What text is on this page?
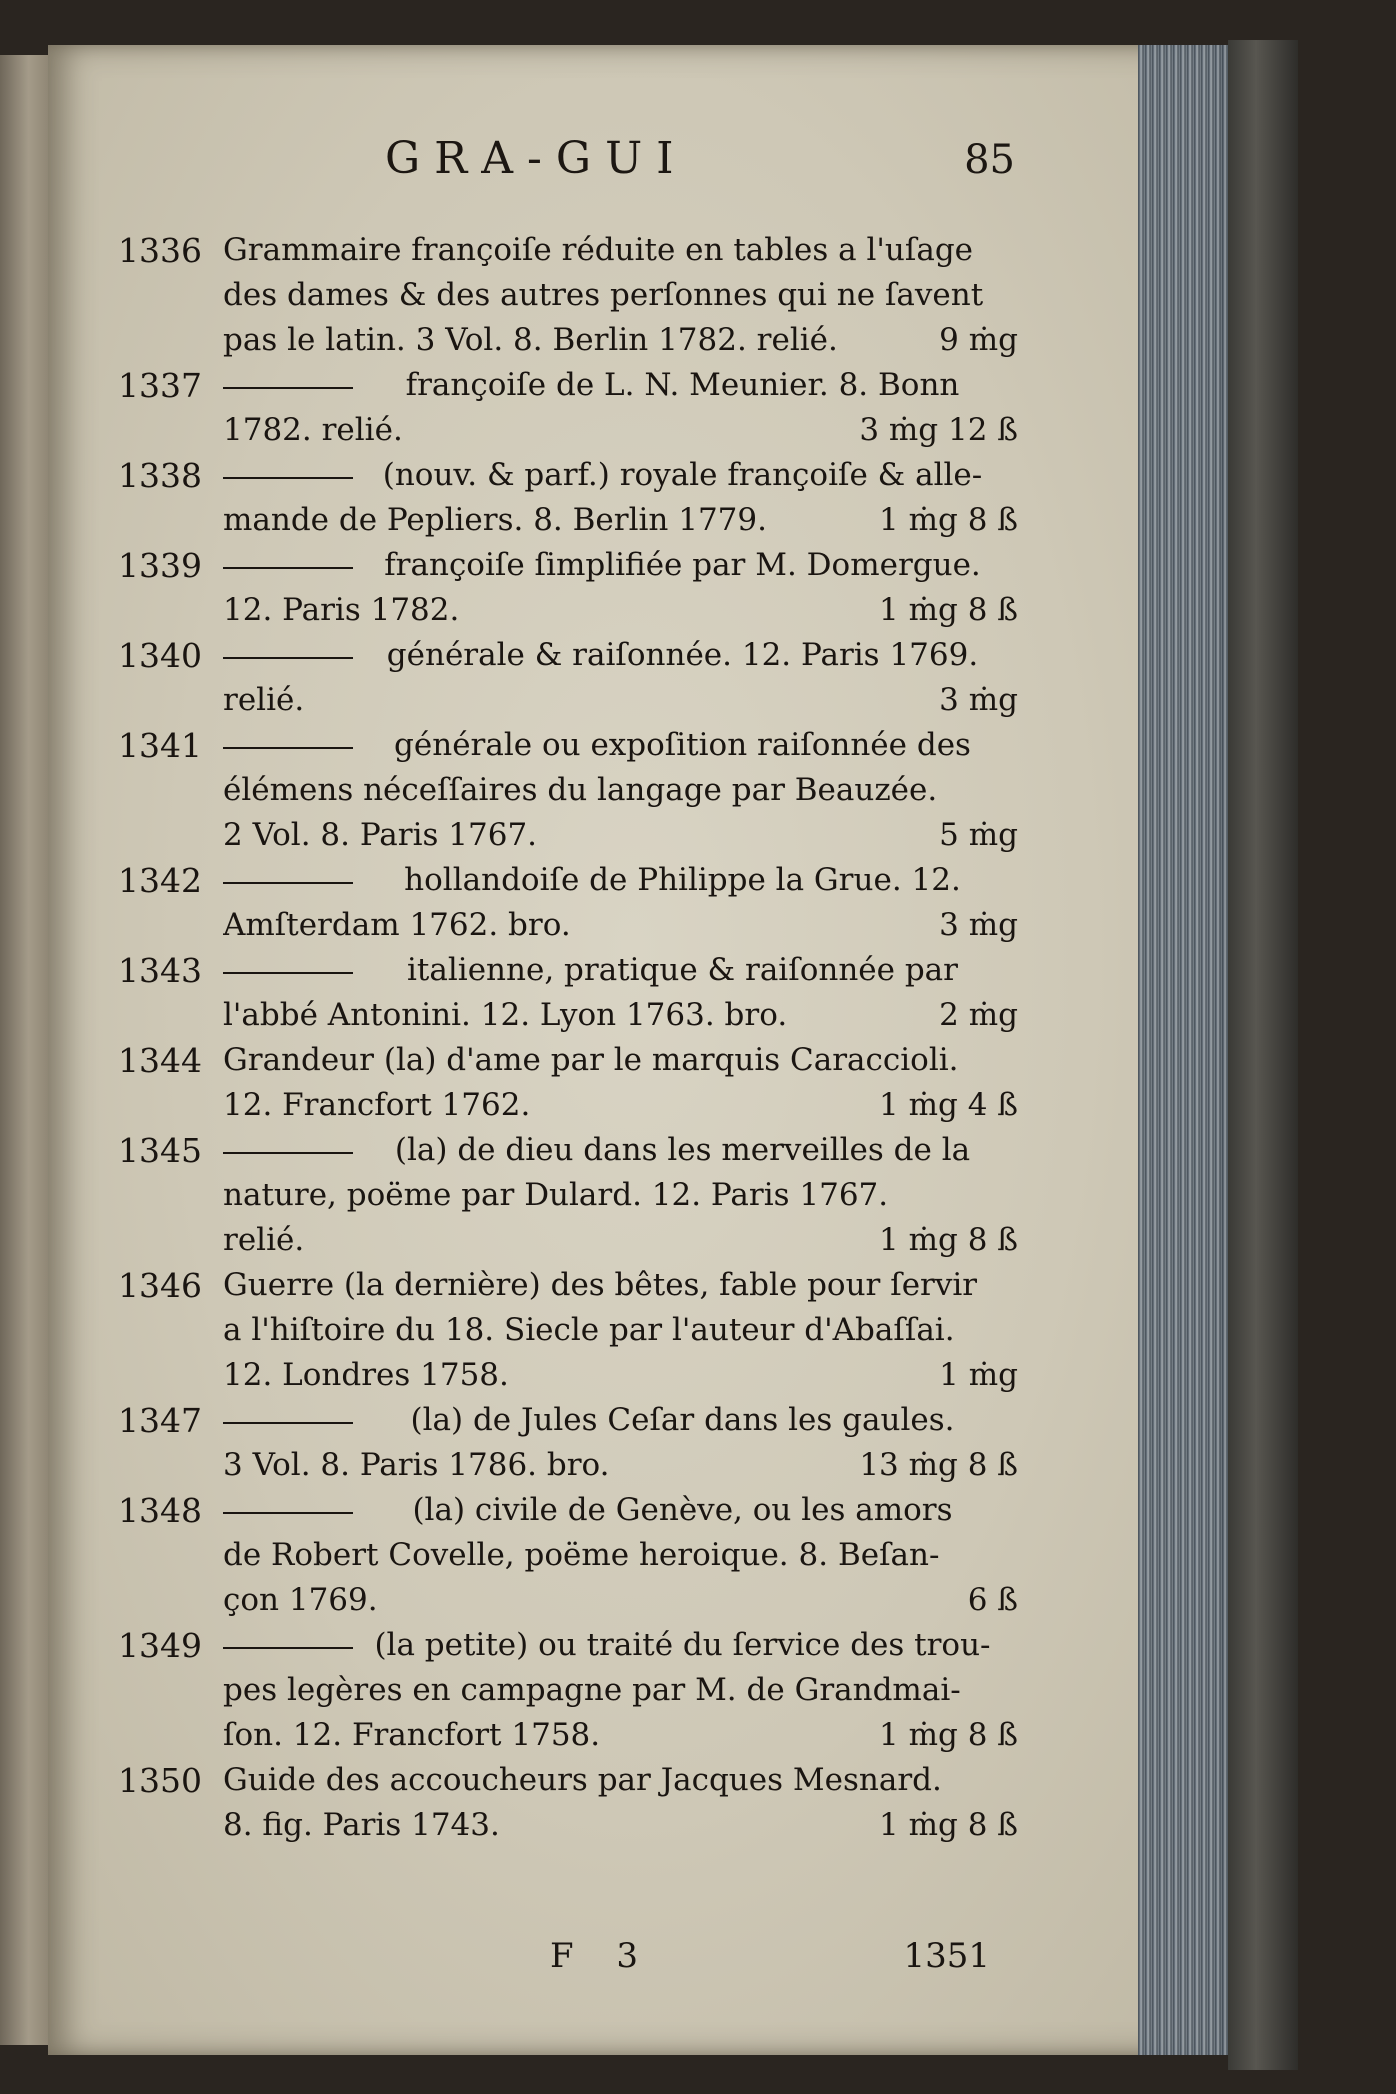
GRA-GUI	85
1336 Grammaire françoiſe réduite en tables a l'uſage
des dames & des autres perſonnes qui ne ſavent
pas le latin. 3 Vol. 8. Berlin 1782. relié.	9 ṁg
1337	françoiſe de L. N. Meunier. 8. Bonn
1782. relié.	3 ṁg 12 ß
1338	(nouv. & parf.) royale françoiſe & alle-
mande de Pepliers. 8. Berlin 1779.	1 ṁg 8 ß
1339	françoiſe ſimplifiée par M. Domergue.
12. Paris 1782.	1 ṁg 8 ß
1340	générale & raiſonnée. 12. Paris 1769.
relié.	3 ṁg
1341	générale ou expoſition raiſonnée des
élémens néceſſaires du langage par Beauzée.
2 Vol. 8. Paris 1767.	5 ṁg
1342	hollandoiſe de Philippe la Grue. 12.
Amſterdam 1762. bro.	3 ṁg
1343	italienne, pratique & raiſonnée par
l'abbé Antonini. 12. Lyon 1763. bro.	2 ṁg
1344 Grandeur (la) d'ame par le marquis Caraccioli.
12. Francfort 1762.	1 ṁg 4 ß
1345	(la) de dieu dans les merveilles de la
nature, poëme par Dulard. 12. Paris 1767.
relié.	1 ṁg 8 ß
1346 Guerre (la dernière) des bêtes, fable pour ſervir
a l'hiſtoire du 18. Siecle par l'auteur d'Abaſſai.
12. Londres 1758.	1 ṁg
1347	(la) de Jules Ceſar dans les gaules.
3 Vol. 8. Paris 1786. bro.	13 ṁg 8 ß
1348	(la) civile de Genève, ou les amors
de Robert Covelle, poëme heroique. 8. Beſan-
çon 1769.	6 ß
1349	(la petite) ou traité du ſervice des trou-
pes legères en campagne par M. de Grandmai-
ſon. 12. Francfort 1758.	1 ṁg 8 ß
1350 Guide des accoucheurs par Jacques Mesnard.
8. fig. Paris 1743.	1 ṁg 8 ß
F 3	1351
